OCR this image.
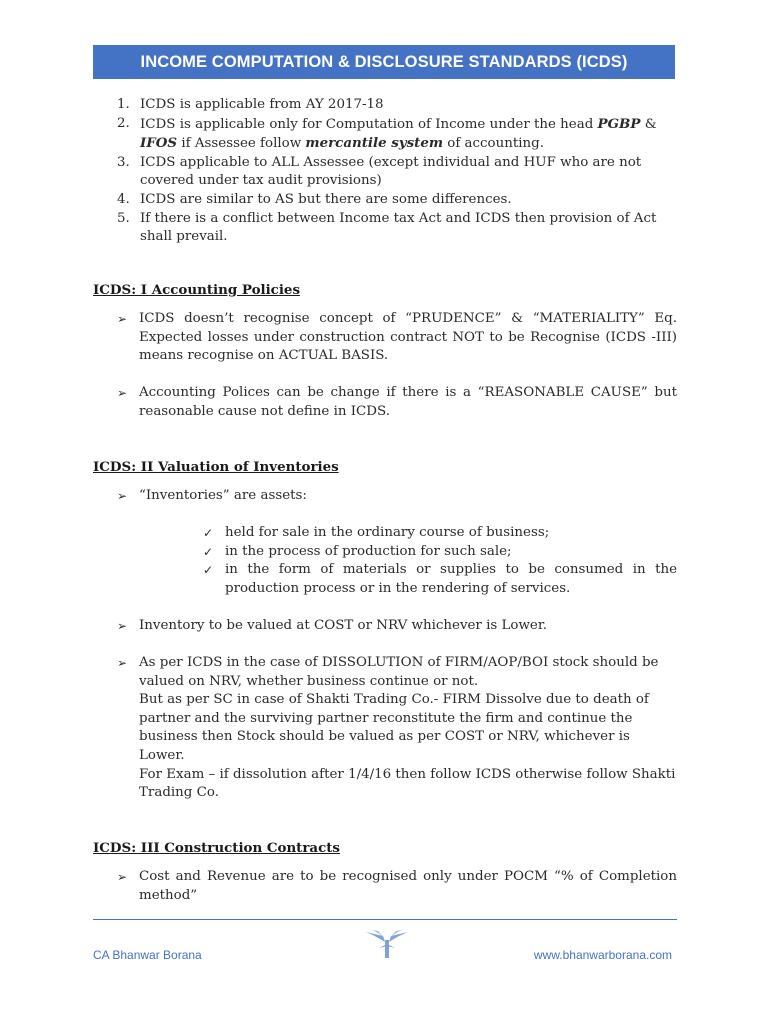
INCOME COMPUTATION & DISCLOSURE STANDARDS (ICDS)
1. ICDS is applicable from AY 2017-18
2. ICDS is applicable only for Computation of Income under the head PGBP & IFOS if Assessee follow mercantile system of accounting.
3. ICDS applicable to ALL Assessee (except individual and HUF who are not covered under tax audit provisions)
4. ICDS are similar to AS but there are some differences.
5. If there is a conflict between Income tax Act and ICDS then provision of Act shall prevail.
ICDS: I Accounting Policies
➢ ICDS doesn’t recognise concept of “PRUDENCE” & “MATERIALITY” Eq. Expected losses under construction contract NOT to be Recognise (ICDS -III) means recognise on ACTUAL BASIS.
➢ Accounting Polices can be change if there is a “REASONABLE CAUSE” but reasonable cause not define in ICDS.
ICDS: II Valuation of Inventories
➢ “Inventories” are assets:
✓ held for sale in the ordinary course of business;
✓ in the process of production for such sale;
✓ in the form of materials or supplies to be consumed in the production process or in the rendering of services.
➢ Inventory to be valued at COST or NRV whichever is Lower.
➢ As per ICDS in the case of DISSOLUTION of FIRM/AOP/BOI stock should be valued on NRV, whether business continue or not.
But as per SC in case of Shakti Trading Co.- FIRM Dissolve due to death of partner and the surviving partner reconstitute the firm and continue the business then Stock should be valued as per COST or NRV, whichever is Lower.
For Exam – if dissolution after 1/4/16 then follow ICDS otherwise follow Shakti Trading Co.
ICDS: III Construction Contracts
➢ Cost and Revenue are to be recognised only under POCM “% of Completion method”
CA Bhanwar Borana	www.bhanwarborana.com
